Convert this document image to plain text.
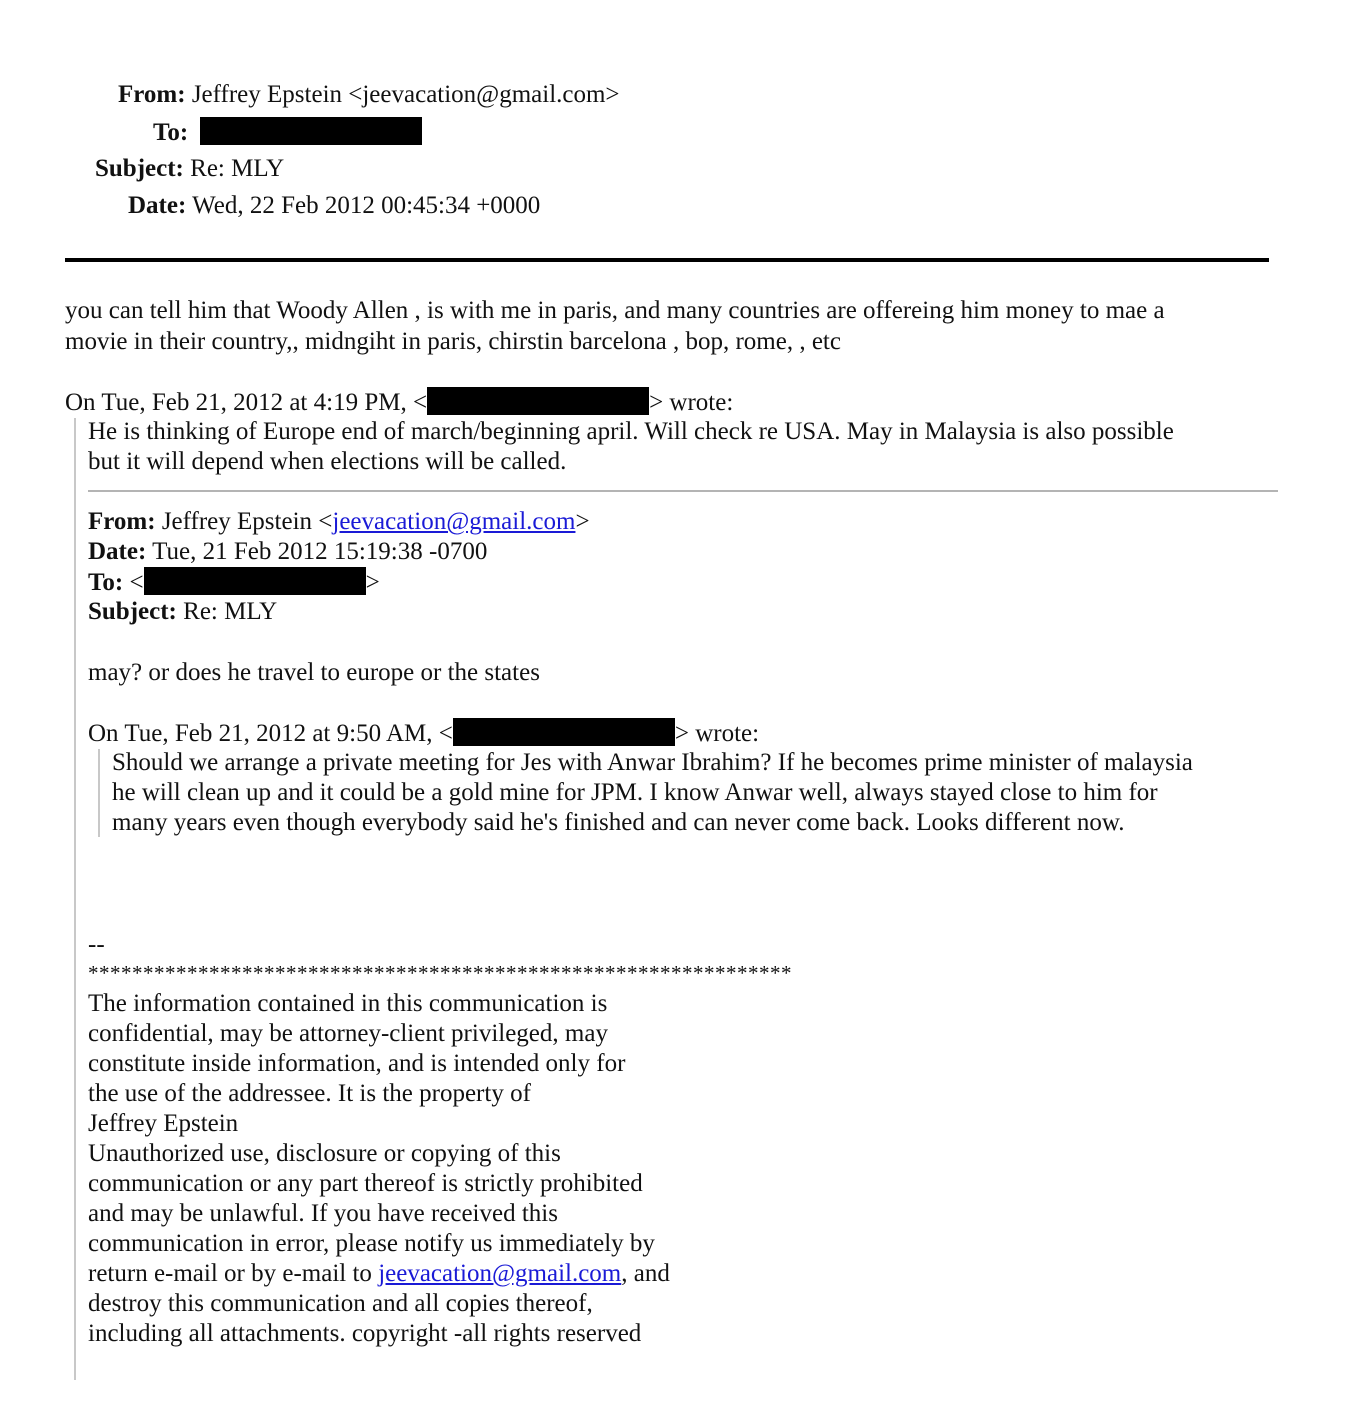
From: Jeffrey Epstein <jeevacation@gmail.com>
To:
Subject: Re: MLY
Date: Wed, 22 Feb 2012 00:45:34 +0000
you can tell him that Woody Allen , is with me in paris, and many countries are offereing him money to mae a
movie in their country,, midngiht in paris, chirstin barcelona , bop, rome, , etc
On Tue, Feb 21, 2012 at 4:19 PM, <	> wrote:
He is thinking of Europe end of march/beginning april. Will check re USA. May in Malaysia is also possible
but it will depend when elections will be called.
From: Jeffrey Epstein <jeevacation@gmail.com>
Date: Tue, 21 Feb 2012 15:19:38 -0700
To: <	>
Subject: Re: MLY
may? or does he travel to europe or the states
On Tue, Feb 21, 2012 at 9:50 AM, <	> wrote:
Should we arrange a private meeting for Jes with Anwar Ibrahim? If he becomes prime minister of malaysia
he will clean up and it could be a gold mine for JPM. I know Anwar well, always stayed close to him for
many years even though everybody said he's finished and can never come back. Looks different now.
--
****************************************************************
The information contained in this communication is
confidential, may be attorney-client privileged, may
constitute inside information, and is intended only for
the use of the addressee. It is the property of
Jeffrey Epstein
Unauthorized use, disclosure or copying of this
communication or any part thereof is strictly prohibited
and may be unlawful. If you have received this
communication in error, please notify us immediately by
return e-mail or by e-mail to jeevacation@gmail.com, and
destroy this communication and all copies thereof,
including all attachments. copyright -all rights reserved
